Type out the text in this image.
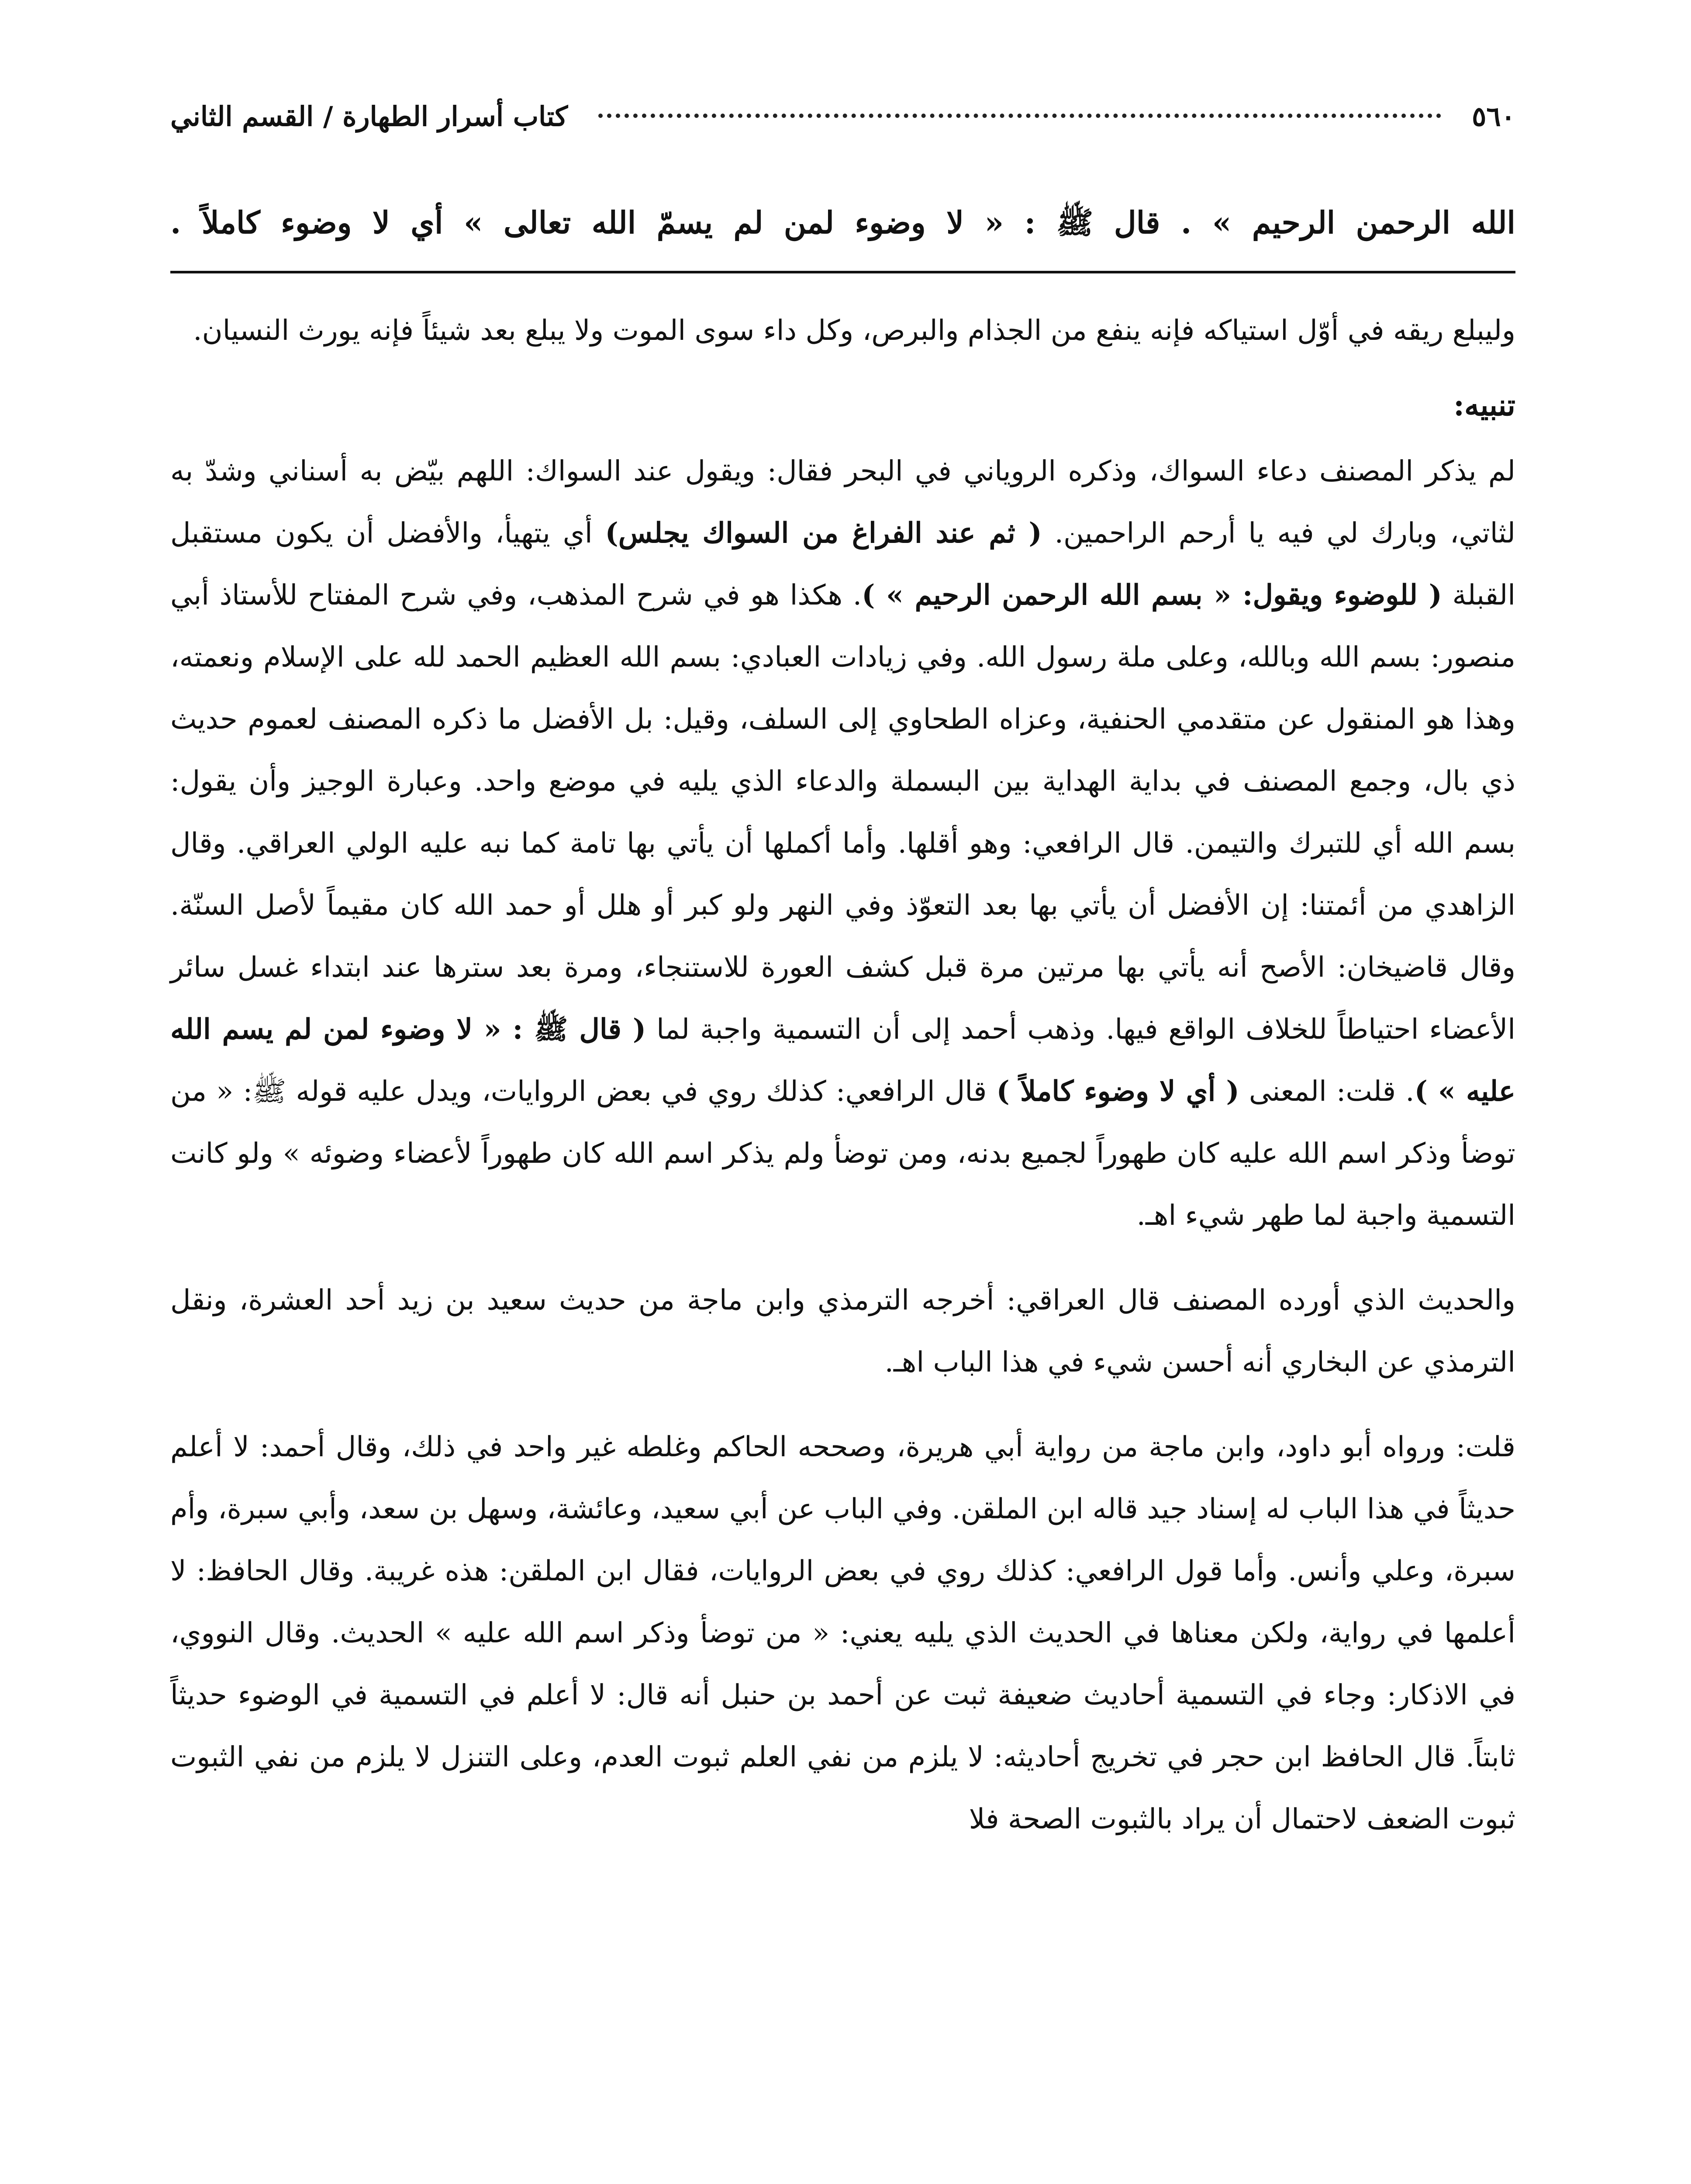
٥٦٠
كتاب أسرار الطهارة / القسم الثاني
الله الرحمن الرحيم » . قال ﷺ : « لا وضوء لمن لم يسمّ الله تعالى » أي لا وضوء كاملاً .

وليبلع ريقه في أوّل استياكه فإنه ينفع من الجذام والبرص، وكل داء سوى الموت ولا يبلع بعد شيئاً فإنه يورث النسيان.

تنبيه:

لم يذكر المصنف دعاء السواك، وذكره الروياني في البحر فقال: ويقول عند السواك: اللهم بيّض به أسناني وشدّ به لثاتي، وبارك لي فيه يا أرحم الراحمين. ( ثم عند الفراغ من السواك يجلس) أي يتهيأ، والأفضل أن يكون مستقبل القبلة ( للوضوء ويقول: « بسم الله الرحمن الرحيم » ). هكذا هو في شرح المذهب، وفي شرح المفتاح للأستاذ أبي منصور: بسم الله وبالله، وعلى ملة رسول الله. وفي زيادات العبادي: بسم الله العظيم الحمد لله على الإسلام ونعمته، وهذا هو المنقول عن متقدمي الحنفية، وعزاه الطحاوي إلى السلف، وقيل: بل الأفضل ما ذكره المصنف لعموم حديث ذي بال، وجمع المصنف في بداية الهداية بين البسملة والدعاء الذي يليه في موضع واحد. وعبارة الوجيز وأن يقول: بسم الله أي للتبرك والتيمن. قال الرافعي: وهو أقلها. وأما أكملها أن يأتي بها تامة كما نبه عليه الولي العراقي. وقال الزاهدي من أئمتنا: إن الأفضل أن يأتي بها بعد التعوّذ وفي النهر ولو كبر أو هلل أو حمد الله كان مقيماً لأصل السنّة. وقال قاضيخان: الأصح أنه يأتي بها مرتين مرة قبل كشف العورة للاستنجاء، ومرة بعد سترها عند ابتداء غسل سائر الأعضاء احتياطاً للخلاف الواقع فيها. وذهب أحمد إلى أن التسمية واجبة لما ( قال ﷺ : « لا وضوء لمن لم يسم الله عليه » ). قلت: المعنى ( أي لا وضوء كاملاً ) قال الرافعي: كذلك روي في بعض الروايات، ويدل عليه قوله ﷺ: « من توضأ وذكر اسم الله عليه كان طهوراً لجميع بدنه، ومن توضأ ولم يذكر اسم الله كان طهوراً لأعضاء وضوئه » ولو كانت التسمية واجبة لما طهر شيء اهـ.

والحديث الذي أورده المصنف قال العراقي: أخرجه الترمذي وابن ماجة من حديث سعيد بن زيد أحد العشرة، ونقل الترمذي عن البخاري أنه أحسن شيء في هذا الباب اهـ.

قلت: ورواه أبو داود، وابن ماجة من رواية أبي هريرة، وصححه الحاكم وغلطه غير واحد في ذلك، وقال أحمد: لا أعلم حديثاً في هذا الباب له إسناد جيد قاله ابن الملقن. وفي الباب عن أبي سعيد، وعائشة، وسهل بن سعد، وأبي سبرة، وأم سبرة، وعلي وأنس. وأما قول الرافعي: كذلك روي في بعض الروايات، فقال ابن الملقن: هذه غريبة. وقال الحافظ: لا أعلمها في رواية، ولكن معناها في الحديث الذي يليه يعني: « من توضأ وذكر اسم الله عليه » الحديث. وقال النووي، في الاذكار: وجاء في التسمية أحاديث ضعيفة ثبت عن أحمد بن حنبل أنه قال: لا أعلم في التسمية في الوضوء حديثاً ثابتاً. قال الحافظ ابن حجر في تخريج أحاديثه: لا يلزم من نفي العلم ثبوت العدم، وعلى التنزل لا يلزم من نفي الثبوت ثبوت الضعف لاحتمال أن يراد بالثبوت الصحة فلا
